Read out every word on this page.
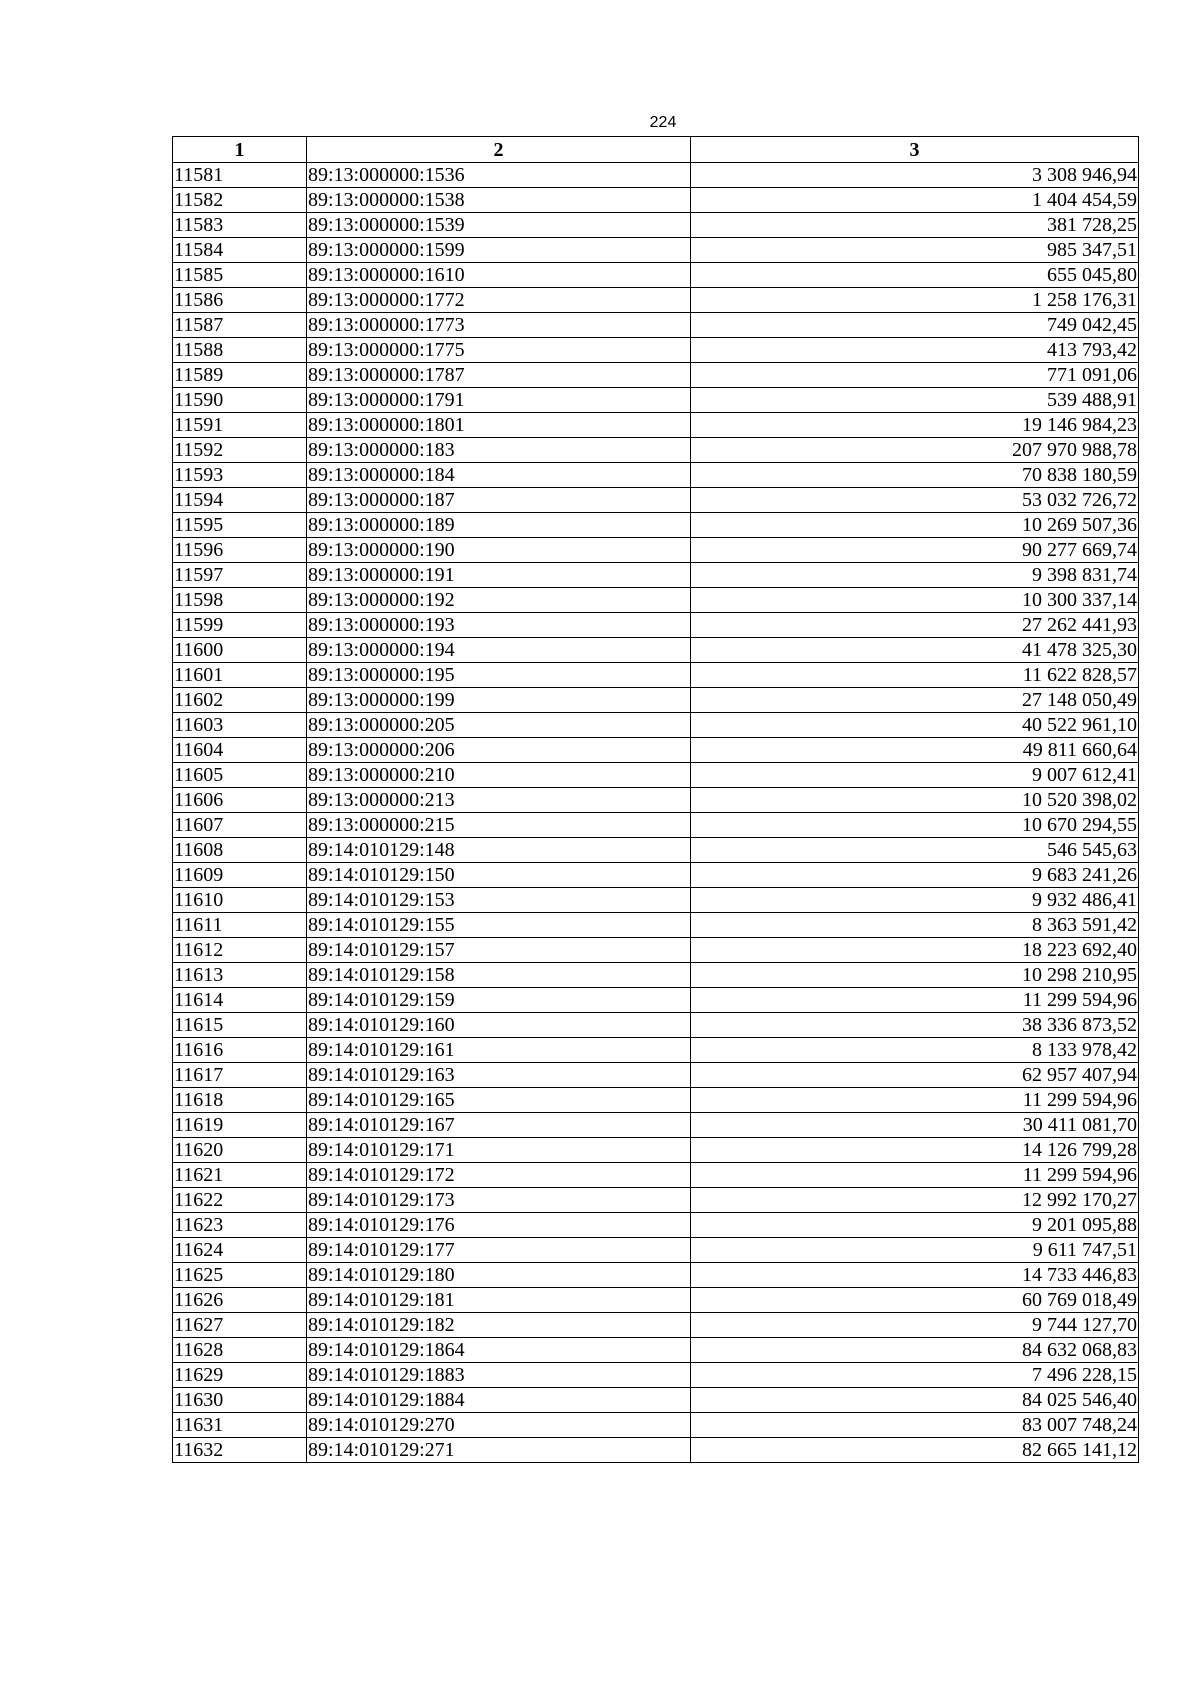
224
1	2	3
11581	89:13:000000:1536	3 308 946,94
11582	89:13:000000:1538	1 404 454,59
11583	89:13:000000:1539	381 728,25
11584	89:13:000000:1599	985 347,51
11585	89:13:000000:1610	655 045,80
11586	89:13:000000:1772	1 258 176,31
11587	89:13:000000:1773	749 042,45
11588	89:13:000000:1775	413 793,42
11589	89:13:000000:1787	771 091,06
11590	89:13:000000:1791	539 488,91
11591	89:13:000000:1801	19 146 984,23
11592	89:13:000000:183	207 970 988,78
11593	89:13:000000:184	70 838 180,59
11594	89:13:000000:187	53 032 726,72
11595	89:13:000000:189	10 269 507,36
11596	89:13:000000:190	90 277 669,74
11597	89:13:000000:191	9 398 831,74
11598	89:13:000000:192	10 300 337,14
11599	89:13:000000:193	27 262 441,93
11600	89:13:000000:194	41 478 325,30
11601	89:13:000000:195	11 622 828,57
11602	89:13:000000:199	27 148 050,49
11603	89:13:000000:205	40 522 961,10
11604	89:13:000000:206	49 811 660,64
11605	89:13:000000:210	9 007 612,41
11606	89:13:000000:213	10 520 398,02
11607	89:13:000000:215	10 670 294,55
11608	89:14:010129:148	546 545,63
11609	89:14:010129:150	9 683 241,26
11610	89:14:010129:153	9 932 486,41
11611	89:14:010129:155	8 363 591,42
11612	89:14:010129:157	18 223 692,40
11613	89:14:010129:158	10 298 210,95
11614	89:14:010129:159	11 299 594,96
11615	89:14:010129:160	38 336 873,52
11616	89:14:010129:161	8 133 978,42
11617	89:14:010129:163	62 957 407,94
11618	89:14:010129:165	11 299 594,96
11619	89:14:010129:167	30 411 081,70
11620	89:14:010129:171	14 126 799,28
11621	89:14:010129:172	11 299 594,96
11622	89:14:010129:173	12 992 170,27
11623	89:14:010129:176	9 201 095,88
11624	89:14:010129:177	9 611 747,51
11625	89:14:010129:180	14 733 446,83
11626	89:14:010129:181	60 769 018,49
11627	89:14:010129:182	9 744 127,70
11628	89:14:010129:1864	84 632 068,83
11629	89:14:010129:1883	7 496 228,15
11630	89:14:010129:1884	84 025 546,40
11631	89:14:010129:270	83 007 748,24
11632	89:14:010129:271	82 665 141,12
